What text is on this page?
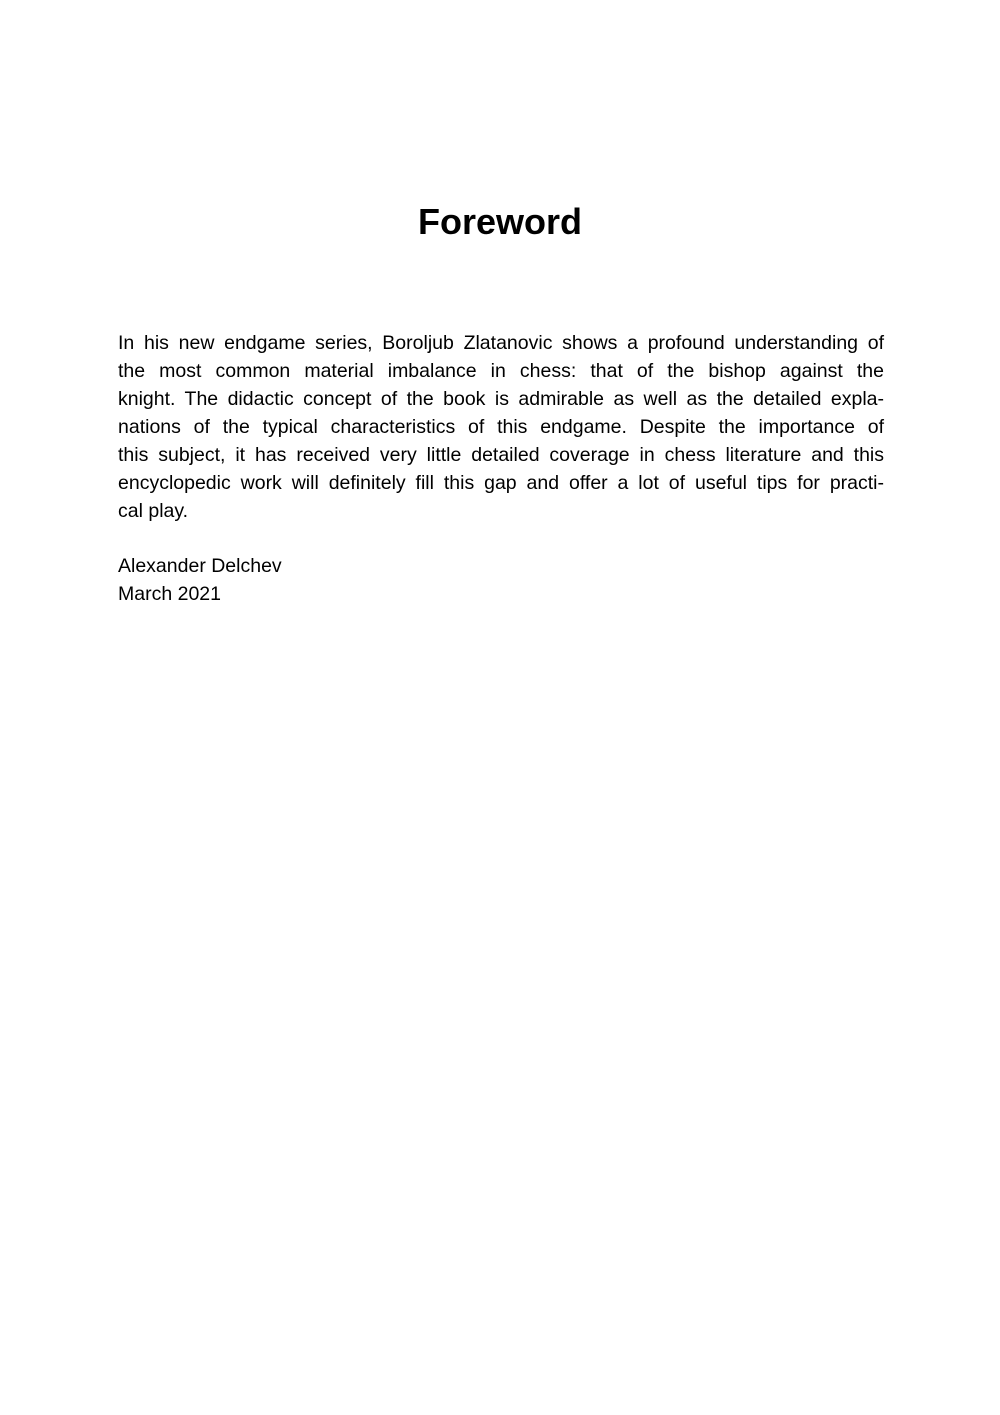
Foreword
In his new endgame series, Boroljub Zlatanovic shows a profound understanding of
the most common material imbalance in chess: that of the bishop against the
knight. The didactic concept of the book is admirable as well as the detailed expla-
nations of the typical characteristics of this endgame. Despite the importance of
this subject, it has received very little detailed coverage in chess literature and this
encyclopedic work will definitely fill this gap and offer a lot of useful tips for practi-
cal play.
Alexander Delchev
March 2021
